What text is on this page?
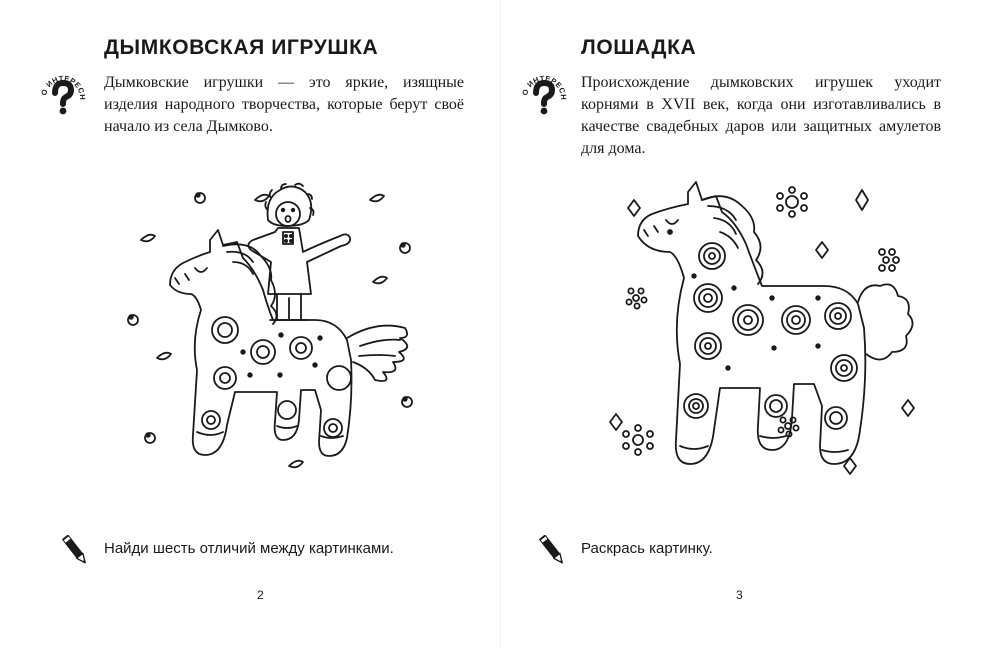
ДЫМКОВСКАЯ ИГРУШКА
О ИНТЕРЕС Дымковские игрушки — это яркие, изящные изделия народного творчества, которые берут своё начало из села Дымково.

Найди шесть отличий между картинками.
2
ЛОШАДКА
О ИНТЕРЕС Происхождение дымковских игрушек уходит корнями в XVII век, когда они изготавливались в качестве свадебных даров или защитных амулетов для дома.

Раскрась картинку.
3
